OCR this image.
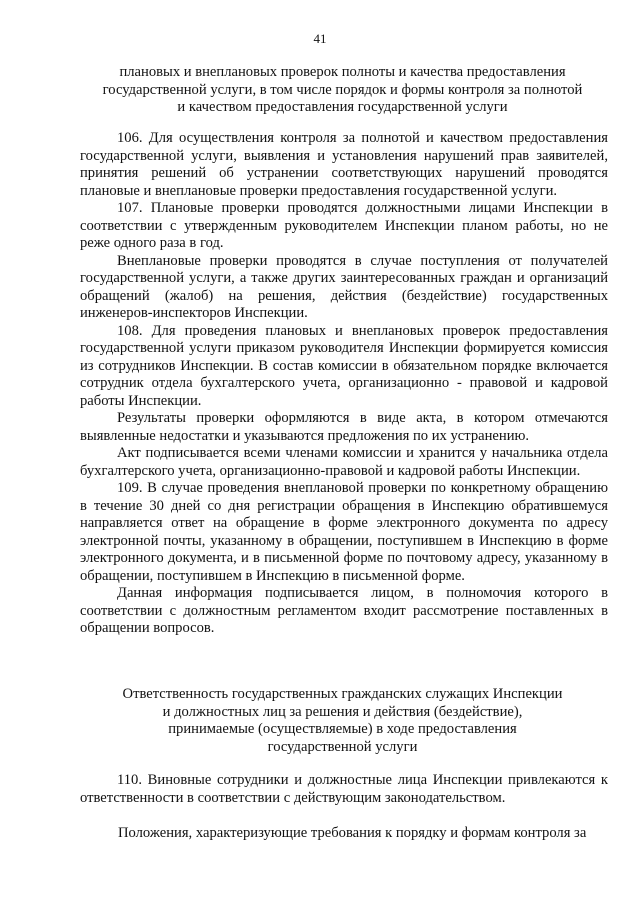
41
плановых и внеплановых проверок полноты и качества предоставления
государственной услуги, в том числе порядок и формы контроля за полнотой
и качеством предоставления государственной услуги

106. Для осуществления контроля за полнотой и качеством предоставления государственной услуги, выявления и установления нарушений прав заявителей, принятия решений об устранении соответствующих нарушений проводятся плановые и внеплановые проверки предоставления государственной услуги.

107. Плановые проверки проводятся должностными лицами Инспекции в соответствии с утвержденным руководителем Инспекции планом работы, но не реже одного раза в год.

Внеплановые проверки проводятся в случае поступления от получателей государственной услуги, а также других заинтересованных граждан и организаций обращений (жалоб) на решения, действия (бездействие) государственных инженеров-инспекторов Инспекции.

108. Для проведения плановых и внеплановых проверок предоставления государственной услуги приказом руководителя Инспекции формируется комиссия из сотрудников Инспекции. В состав комиссии в обязательном порядке включается сотрудник отдела бухгалтерского учета, организационно - правовой и кадровой работы Инспекции.

Результаты проверки оформляются в виде акта, в котором отмечаются выявленные недостатки и указываются предложения по их устранению.

Акт подписывается всеми членами комиссии и хранится у начальника отдела бухгалтерского учета, организационно-правовой и кадровой работы Инспекции.

109. В случае проведения внеплановой проверки по конкретному обращению в течение 30 дней со дня регистрации обращения в Инспекцию обратившемуся направляется ответ на обращение в форме электронного документа по адресу электронной почты, указанному в обращении, поступившем в Инспекцию в форме электронного документа, и в письменной форме по почтовому адресу, указанному в обращении, поступившем в Инспекцию в письменной форме.

Данная информация подписывается лицом, в полномочия которого в соответствии с должностным регламентом входит рассмотрение поставленных в обращении вопросов.

Ответственность государственных гражданских служащих Инспекции
и должностных лиц за решения и действия (бездействие),
принимаемые (осуществляемые) в ходе предоставления
государственной услуги

110. Виновные сотрудники и должностные лица Инспекции привлекаются к ответственности в соответствии с действующим законодательством.

Положения, характеризующие требования к порядку и формам контроля за
